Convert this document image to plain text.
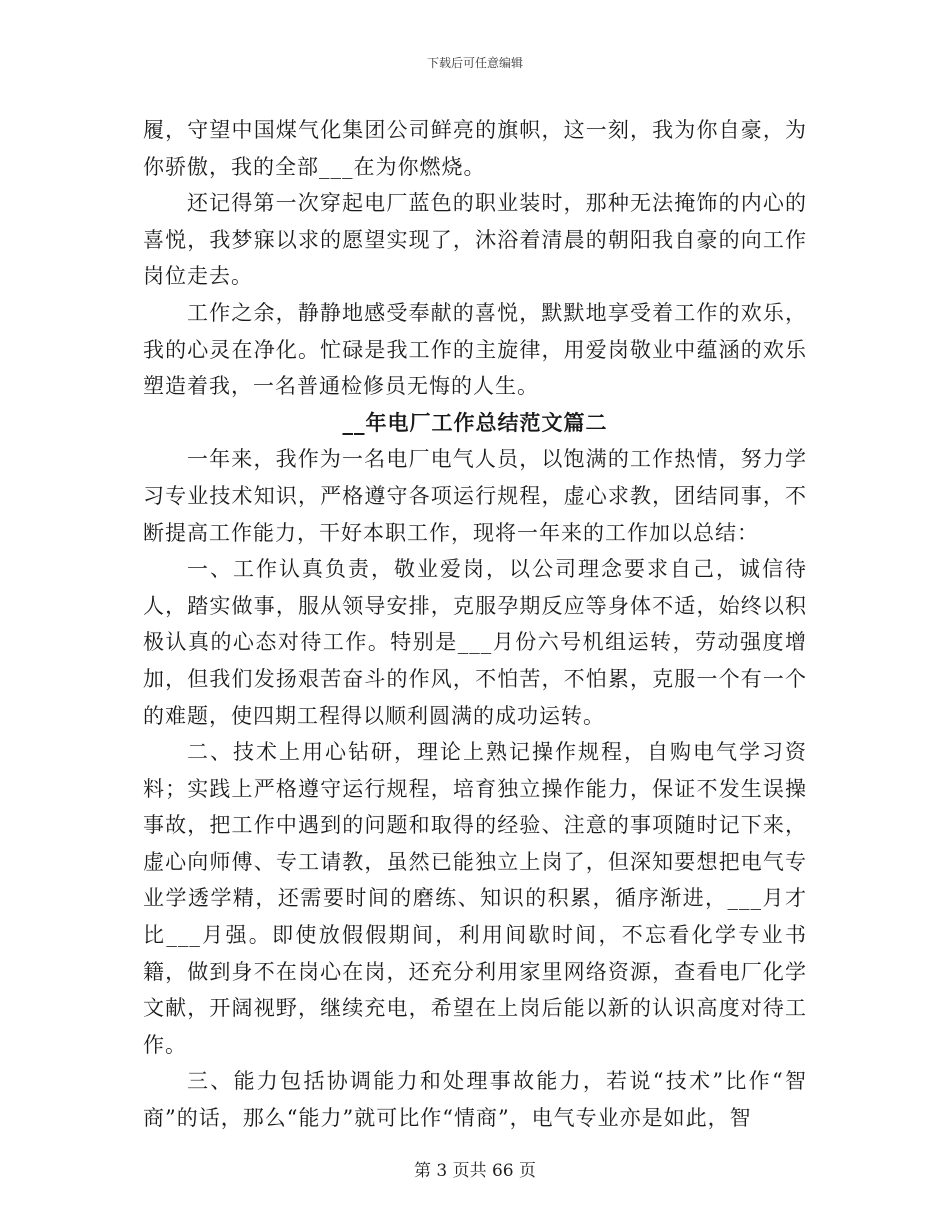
下载后可任意编辑

履，守望中国煤气化集团公司鲜亮的旗帜，这一刻，我为你自豪，为你骄傲，我的全部___在为你燃烧。

还记得第一次穿起电厂蓝色的职业装时，那种无法掩饰的内心的喜悦，我梦寐以求的愿望实现了，沐浴着清晨的朝阳我自豪的向工作岗位走去。

工作之余，静静地感受奉献的喜悦，默默地享受着工作的欢乐，我的心灵在净化。忙碌是我工作的主旋律，用爱岗敬业中蕴涵的欢乐塑造着我，一名普通检修员无悔的人生。

__年电厂工作总结范文篇二

一年来，我作为一名电厂电气人员，以饱满的工作热情，努力学习专业技术知识，严格遵守各项运行规程，虚心求教，团结同事，不断提高工作能力，干好本职工作，现将一年来的工作加以总结：

一、工作认真负责，敬业爱岗，以公司理念要求自己，诚信待人，踏实做事，服从领导安排，克服孕期反应等身体不适，始终以积极认真的心态对待工作。特别是___月份六号机组运转，劳动强度增加，但我们发扬艰苦奋斗的作风，不怕苦，不怕累，克服一个有一个的难题，使四期工程得以顺利圆满的成功运转。

二、技术上用心钻研，理论上熟记操作规程，自购电气学习资料；实践上严格遵守运行规程，培育独立操作能力，保证不发生误操事故，把工作中遇到的问题和取得的经验、注意的事项随时记下来，虚心向师傅、专工请教，虽然已能独立上岗了，但深知要想把电气专业学透学精，还需要时间的磨练、知识的积累，循序渐进，___月才比___月强。即使放假假期间，利用间歇时间，不忘看化学专业书籍，做到身不在岗心在岗，还充分利用家里网络资源，查看电厂化学文献，开阔视野，继续充电，希望在上岗后能以新的认识高度对待工作。

三、能力包括协调能力和处理事故能力，若说“技术”比作“智商”的话，那么“能力”就可比作“情商”，电气专业亦是如此，智

第 3 页共 66 页
